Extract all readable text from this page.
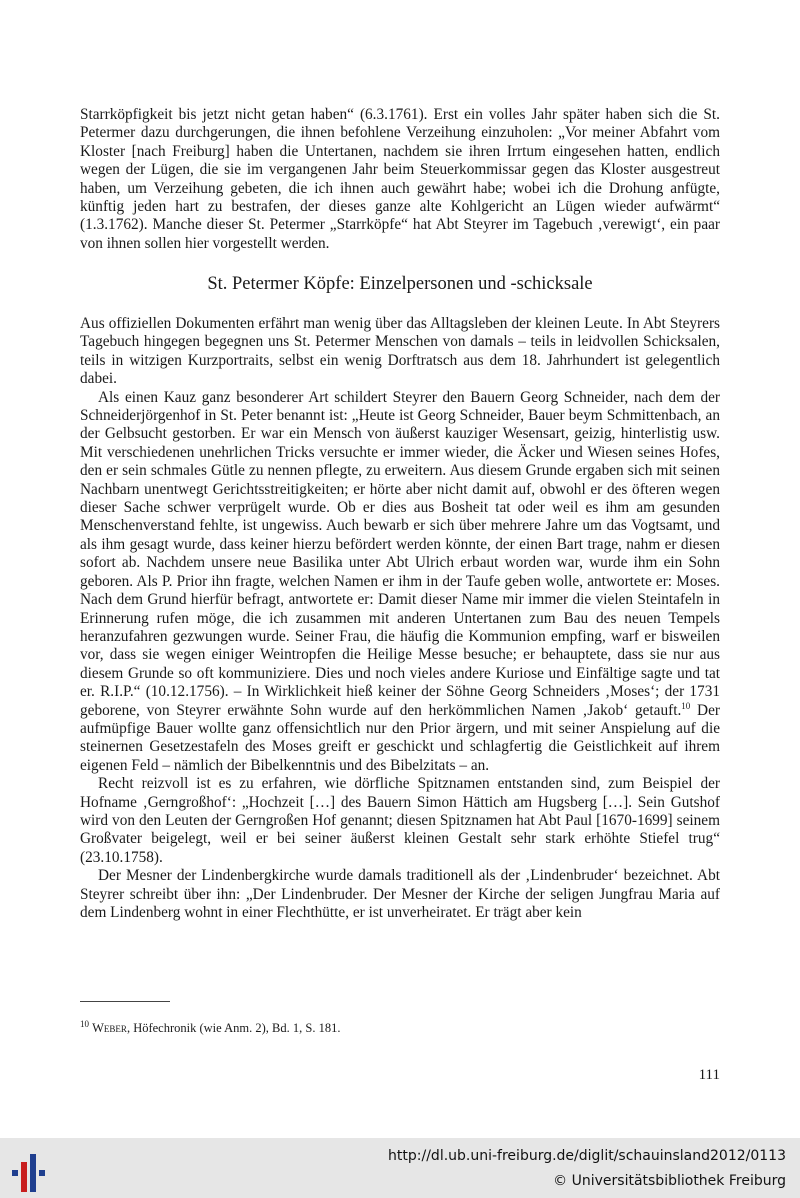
Starrköpfigkeit bis jetzt nicht getan haben“ (6.3.1761). Erst ein volles Jahr später haben sich die St. Petermer dazu durchgerungen, die ihnen befohlene Verzeihung einzuholen: „Vor meiner Abfahrt vom Kloster [nach Freiburg] haben die Untertanen, nachdem sie ihren Irrtum eingesehen hatten, endlich wegen der Lügen, die sie im vergangenen Jahr beim Steuerkommissar gegen das Kloster ausgestreut haben, um Verzeihung gebeten, die ich ihnen auch gewährt habe; wobei ich die Drohung anfügte, künftig jeden hart zu bestrafen, der dieses ganze alte Kohlgericht an Lügen wieder aufwärmt“ (1.3.1762). Manche dieser St. Petermer „Starrköpfe“ hat Abt Steyrer im Tagebuch ‚verewigt‘, ein paar von ihnen sollen hier vorgestellt werden.

St. Petermer Köpfe: Einzelpersonen und -schicksale

Aus offiziellen Dokumenten erfährt man wenig über das Alltagsleben der kleinen Leute. In Abt Steyrers Tagebuch hingegen begegnen uns St. Petermer Menschen von damals – teils in leidvollen Schicksalen, teils in witzigen Kurzportraits, selbst ein wenig Dorftratsch aus dem 18. Jahrhundert ist gelegentlich dabei.

Als einen Kauz ganz besonderer Art schildert Steyrer den Bauern Georg Schneider, nach dem der Schneiderjörgenhof in St. Peter benannt ist: „Heute ist Georg Schneider, Bauer beym Schmittenbach, an der Gelbsucht gestorben. Er war ein Mensch von äußerst kauziger Wesensart, geizig, hinterlistig usw. Mit verschiedenen unehrlichen Tricks versuchte er immer wieder, die Äcker und Wiesen seines Hofes, den er sein schmales Gütle zu nennen pflegte, zu erweitern. Aus diesem Grunde ergaben sich mit seinen Nachbarn unentwegt Gerichtsstreitigkeiten; er hörte aber nicht damit auf, obwohl er des öfteren wegen dieser Sache schwer verprügelt wurde. Ob er dies aus Bosheit tat oder weil es ihm am gesunden Menschenverstand fehlte, ist ungewiss. Auch bewarb er sich über mehrere Jahre um das Vogtsamt, und als ihm gesagt wurde, dass keiner hierzu befördert werden könnte, der einen Bart trage, nahm er diesen sofort ab. Nachdem unsere neue Basilika unter Abt Ulrich erbaut worden war, wurde ihm ein Sohn geboren. Als P. Prior ihn fragte, welchen Namen er ihm in der Taufe geben wolle, antwortete er: Moses. Nach dem Grund hierfür befragt, antwortete er: Damit dieser Name mir immer die vielen Steintafeln in Erinnerung rufen möge, die ich zusammen mit anderen Untertanen zum Bau des neuen Tempels heranzufahren gezwungen wurde. Seiner Frau, die häufig die Kommunion empfing, warf er bisweilen vor, dass sie wegen einiger Weintropfen die Heilige Messe besuche; er behauptete, dass sie nur aus diesem Grunde so oft kommuniziere. Dies und noch vieles andere Kuriose und Einfältige sagte und tat er. R.I.P.“ (10.12.1756). – In Wirklichkeit hieß keiner der Söhne Georg Schneiders ‚Moses‘; der 1731 geborene, von Steyrer erwähnte Sohn wurde auf den herkömmlichen Namen ‚Jakob‘ getauft.$^{10}$ Der aufmüpfige Bauer wollte ganz offensichtlich nur den Prior ärgern, und mit seiner Anspielung auf die steinernen Gesetzestafeln des Moses greift er geschickt und schlagfertig die Geistlichkeit auf ihrem eigenen Feld – nämlich der Bibelkenntnis und des Bibelzitats – an.

Recht reizvoll ist es zu erfahren, wie dörfliche Spitznamen entstanden sind, zum Beispiel der Hofname ‚Gerngroßhof‘: „Hochzeit […] des Bauern Simon Hättich am Hugsberg […]. Sein Gutshof wird von den Leuten der Gerngroßen Hof genannt; diesen Spitznamen hat Abt Paul [1670-1699] seinem Großvater beigelegt, weil er bei seiner äußerst kleinen Gestalt sehr stark erhöhte Stiefel trug“ (23.10.1758).

Der Mesner der Lindenbergkirche wurde damals traditionell als der ‚Lindenbruder‘ bezeichnet. Abt Steyrer schreibt über ihn: „Der Lindenbruder. Der Mesner der Kirche der seligen Jungfrau Maria auf dem Lindenberg wohnt in einer Flechthütte, er ist unverheiratet. Er trägt aber kein

$^{10}$ Weber, Höfechronik (wie Anm. 2), Bd. 1, S. 181.
111
http://dl.ub.uni-freiburg.de/diglit/schauinsland2012/0113
© Universitätsbibliothek Freiburg
